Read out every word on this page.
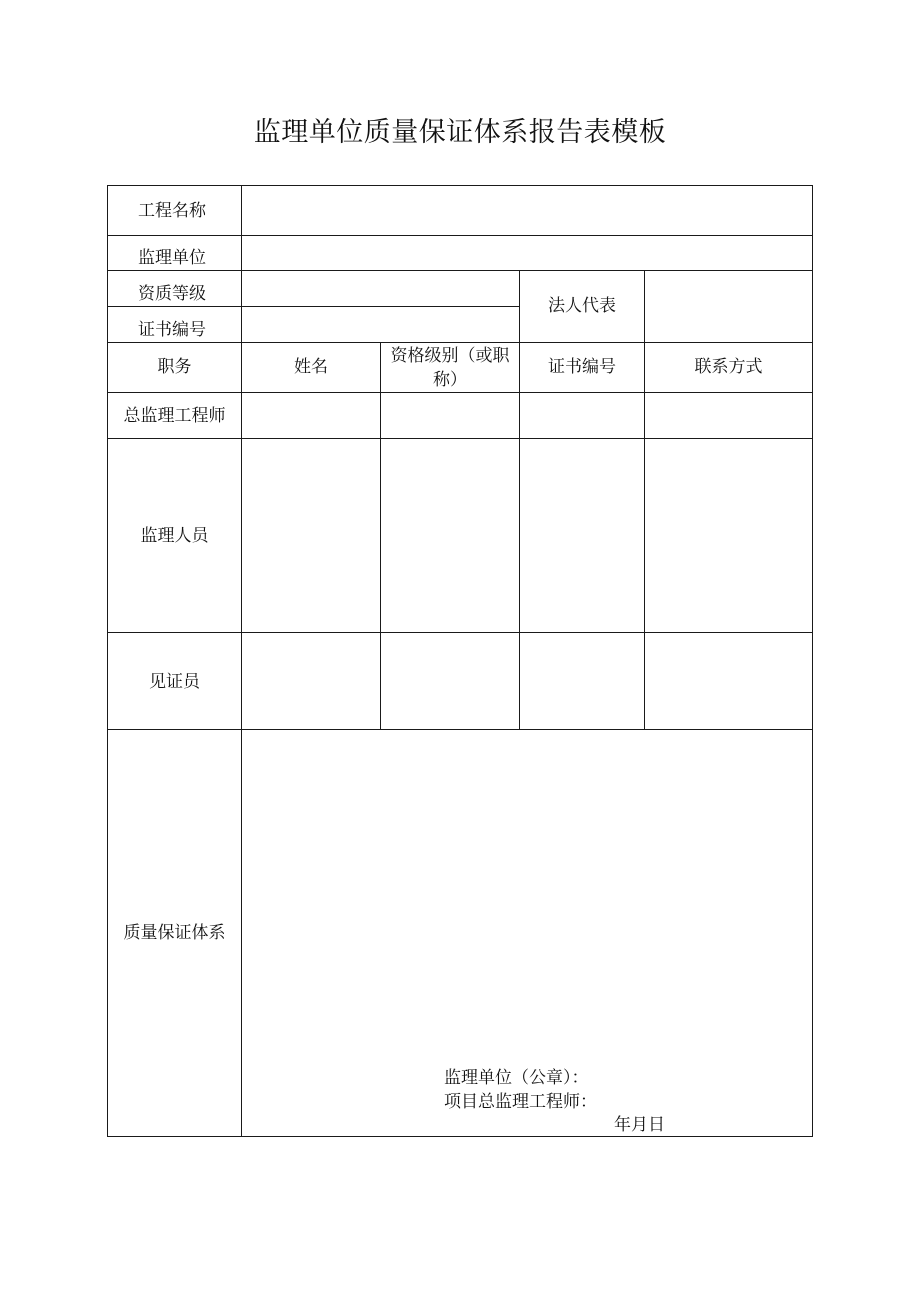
监理单位质量保证体系报告表模板
工程名称
监理单位
资质等级
证书编号
法人代表
职务	姓名
资格级别（或职
称）
证书编号	联系方式
总监理工程师
监理人员
见证员
质量保证体系
监理单位（公章）：
项目总监理工程师：
年月日
